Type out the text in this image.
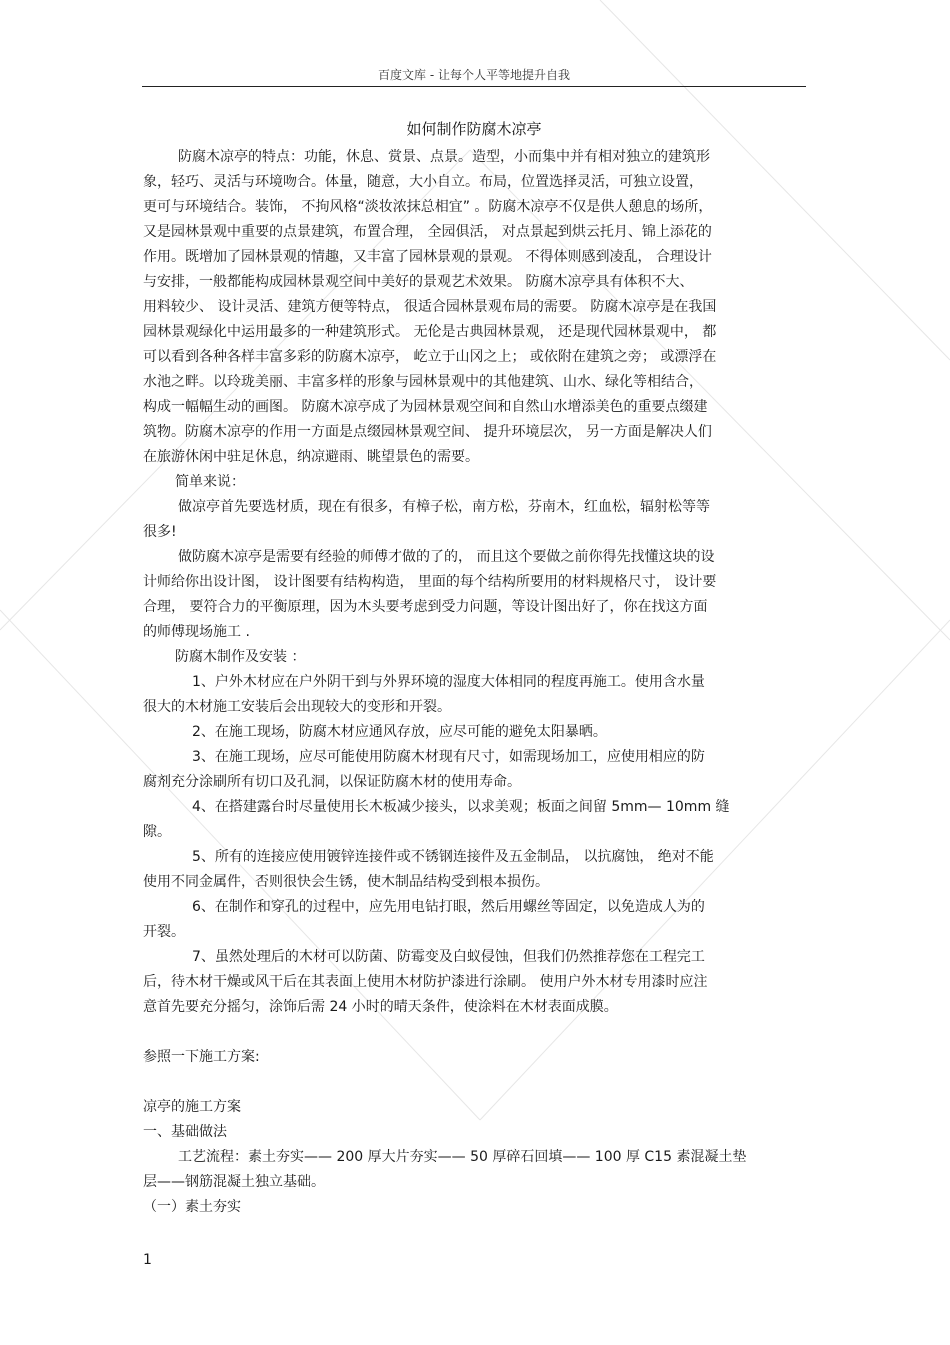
百度文库 - 让每个人平等地提升自我
如何制作防腐木凉亭
防腐木凉亭的特点：功能，休息、赏景、点景。造型，小而集中并有相对独立的建筑形
象，轻巧、灵活与环境吻合。体量，随意，大小自立。布局，位置选择灵活，可独立设置，
更可与环境结合。装饰， 不拘风格“淡妆浓抹总相宜” 。防腐木凉亭不仅是供人憩息的场所，
又是园林景观中重要的点景建筑，布置合理， 全园俱活， 对点景起到烘云托月、锦上添花的
作用。既增加了园林景观的情趣，又丰富了园林景观的景观。 不得体则感到凌乱， 合理设计
与安排，一般都能构成园林景观空间中美好的景观艺术效果。 防腐木凉亭具有体积不大、
用料较少、 设计灵活、建筑方便等特点， 很适合园林景观布局的需要。 防腐木凉亭是在我国
园林景观绿化中运用最多的一种建筑形式。 无伦是古典园林景观， 还是现代园林景观中， 都
可以看到各种各样丰富多彩的防腐木凉亭， 屹立于山冈之上； 或依附在建筑之旁； 或漂浮在
水池之畔。以玲珑美丽、丰富多样的形象与园林景观中的其他建筑、山水、绿化等相结合，
构成一幅幅生动的画图。 防腐木凉亭成了为园林景观空间和自然山水增添美色的重要点缀建
筑物。防腐木凉亭的作用一方面是点缀园林景观空间、 提升环境层次， 另一方面是解决人们
在旅游休闲中驻足休息，纳凉避雨、眺望景色的需要。
简单来说：
做凉亭首先要选材质，现在有很多，有樟子松，南方松，芬南木，红血松，辐射松等等
很多!
做防腐木凉亭是需要有经验的师傅才做的了的， 而且这个要做之前你得先找懂这块的设
计师给你出设计图， 设计图要有结构构造， 里面的每个结构所要用的材料规格尺寸， 设计要
合理， 要符合力的平衡原理，因为木头要考虑到受力问题，等设计图出好了，你在找这方面
的师傅现场施工 .
防腐木制作及安装 ：
1、户外木材应在户外阴干到与外界环境的湿度大体相同的程度再施工。使用含水量
很大的木材施工安装后会出现较大的变形和开裂。
2、在施工现场，防腐木材应通风存放，应尽可能的避免太阳暴晒。
3、在施工现场，应尽可能使用防腐木材现有尺寸，如需现场加工，应使用相应的防
腐剂充分涂刷所有切口及孔洞，以保证防腐木材的使用寿命。
4、在搭建露台时尽量使用长木板减少接头，以求美观；板面之间留 5mm— 10mm 缝
隙。
5、所有的连接应使用镀锌连接件或不锈钢连接件及五金制品， 以抗腐蚀， 绝对不能
使用不同金属件，否则很快会生锈，使木制品结构受到根本损伤。
6、在制作和穿孔的过程中，应先用电钻打眼，然后用螺丝等固定，以免造成人为的
开裂。
7、虽然处理后的木材可以防菌、防霉变及白蚁侵蚀，但我们仍然推荐您在工程完工
后，待木材干燥或风干后在其表面上使用木材防护漆进行涂刷。 使用户外木材专用漆时应注
意首先要充分摇匀，涂饰后需 24 小时的晴天条件，使涂料在木材表面成膜。
参照一下施工方案:
凉亭的施工方案
一、基础做法
工艺流程：素土夯实—— 200 厚大片夯实—— 50 厚碎石回填—— 100 厚 C15 素混凝土垫
层——钢筋混凝土独立基础。
（一）素土夯实
1
